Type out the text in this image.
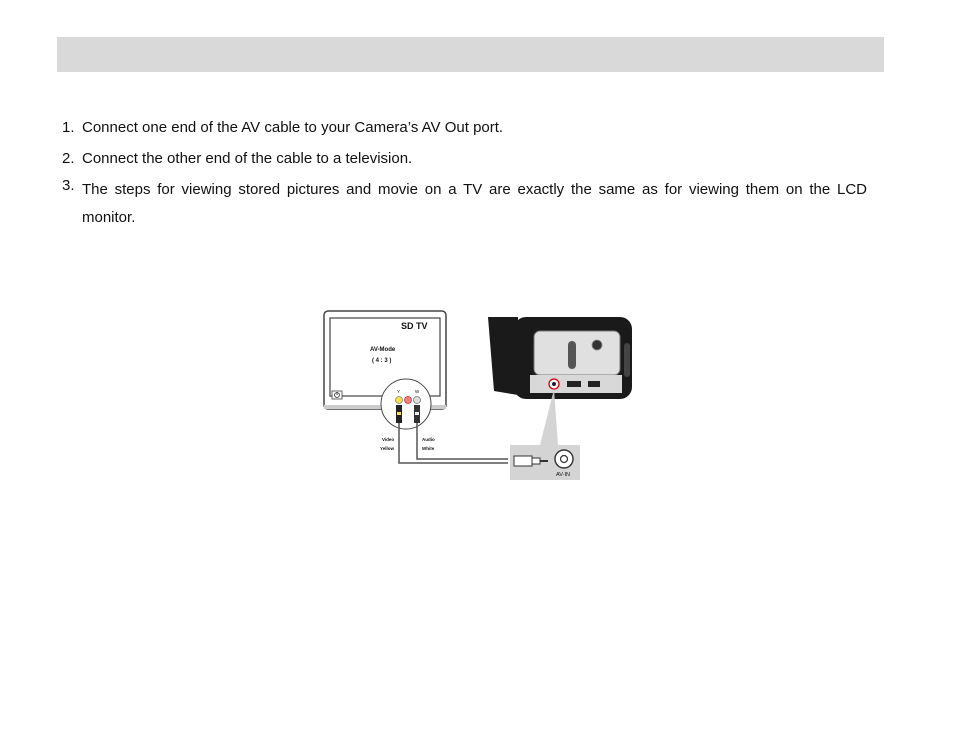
1. Connect one end of the AV cable to your Camera’s AV Out port.
2. Connect the other end of the cable to a television.
3. The steps for viewing stored pictures and movie on a TV are exactly the same as for viewing them on the LCD monitor.
SD TV
AV-Mode
( 4 : 3 )
Y	W
Video
Yellow
Audio
White
AV-IN
